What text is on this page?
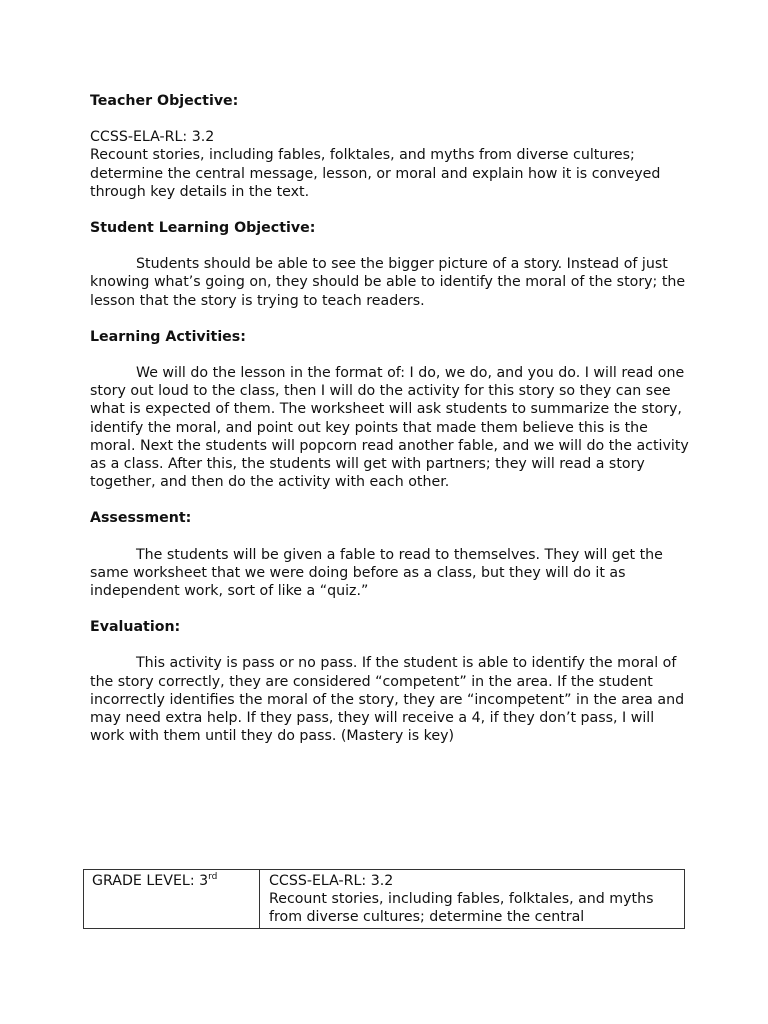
Teacher Objective:

CCSS-ELA-RL: 3.2

Recount stories, including fables, folktales, and myths from diverse cultures; determine the central message, lesson, or moral and explain how it is conveyed through key details in the text.

Student Learning Objective:

Students should be able to see the bigger picture of a story. Instead of just knowing what’s going on, they should be able to identify the moral of the story; the lesson that the story is trying to teach readers.

Learning Activities:

We will do the lesson in the format of: I do, we do, and you do. I will read one story out loud to the class, then I will do the activity for this story so they can see what is expected of them. The worksheet will ask students to summarize the story, identify the moral, and point out key points that made them believe this is the moral. Next the students will popcorn read another fable, and we will do the activity as a class. After this, the students will get with partners; they will read a story together, and then do the activity with each other.

Assessment:

The students will be given a fable to read to themselves. They will get the same worksheet that we were doing before as a class, but they will do it as independent work, sort of like a “quiz.”

Evaluation:

This activity is pass or no pass. If the student is able to identify the moral of the story correctly, they are considered “competent” in the area. If the student incorrectly identifies the moral of the story, they are “incompetent” in the area and may need extra help. If they pass, they will receive a 4, if they don’t pass, I will work with them until they do pass. (Mastery is key)

GRADE LEVEL: 3rd	CCSS-ELA-RL: 3.2
Recount stories, including fables, folktales, and myths from diverse cultures; determine the central
